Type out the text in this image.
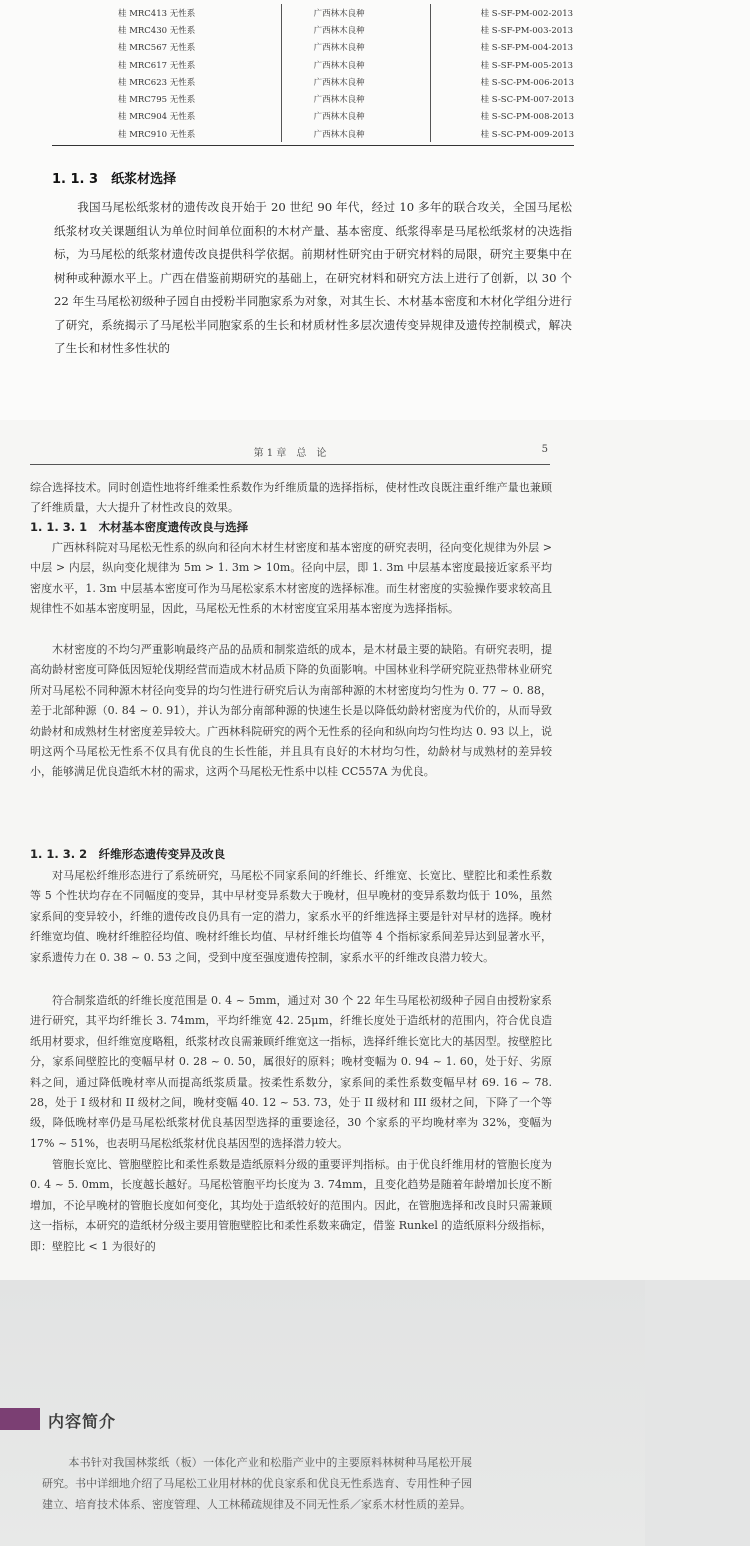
桂 MRC413 无性系	广西林木良种	桂 S-SF-PM-002-2013
桂 MRC430 无性系	广西林木良种	桂 S-SF-PM-003-2013
桂 MRC567 无性系	广西林木良种	桂 S-SF-PM-004-2013
桂 MRC617 无性系	广西林木良种	桂 S-SF-PM-005-2013
桂 MRC623 无性系	广西林木良种	桂 S-SC-PM-006-2013
桂 MRC795 无性系	广西林木良种	桂 S-SC-PM-007-2013
桂 MRC904 无性系	广西林木良种	桂 S-SC-PM-008-2013
桂 MRC910 无性系	广西林木良种	桂 S-SC-PM-009-2013
1. 1. 3　纸浆材选择

我国马尾松纸浆材的遗传改良开始于 20 世纪 90 年代，经过 10 多年的联合攻关，全国马尾松纸浆材攻关课题组认为单位时间单位面积的木材产量、基本密度、纸浆得率是马尾松纸浆材的决选指标，为马尾松的纸浆材遗传改良提供科学依据。前期材性研究由于研究材料的局限，研究主要集中在树种或种源水平上。广西在借鉴前期研究的基础上，在研究材料和研究方法上进行了创新，以 30 个 22 年生马尾松初级种子园自由授粉半同胞家系为对象，对其生长、木材基本密度和木材化学组分进行了研究，系统揭示了马尾松半同胞家系的生长和材质材性多层次遗传变异规律及遗传控制模式，解决了生长和材性多性状的

第 1 章　总　论	5

综合选择技术。同时创造性地将纤维柔性系数作为纤维质量的选择指标，使材性改良既注重纤维产量也兼顾了纤维质量，大大提升了材性改良的效果。

1. 1. 3. 1　木材基本密度遗传改良与选择

广西林科院对马尾松无性系的纵向和径向木材生材密度和基本密度的研究表明，径向变化规律为外层 > 中层 > 内层，纵向变化规律为 5m > 1. 3m > 10m。径向中层，即 1. 3m 中层基本密度最接近家系平均密度水平，1. 3m 中层基本密度可作为马尾松家系木材密度的选择标准。而生材密度的实验操作要求较高且规律性不如基本密度明显，因此，马尾松无性系的木材密度宜采用基本密度为选择指标。

木材密度的不均匀严重影响最终产品的品质和制浆造纸的成本，是木材最主要的缺陷。有研究表明，提高幼龄材密度可降低因短轮伐期经营而造成木材品质下降的负面影响。中国林业科学研究院亚热带林业研究所对马尾松不同种源木材径向变异的均匀性进行研究后认为南部种源的木材密度均匀性为 0. 77 ~ 0. 88，差于北部种源（0. 84 ~ 0. 91），并认为部分南部种源的快速生长是以降低幼龄材密度为代价的，从而导致幼龄材和成熟材生材密度差异较大。广西林科院研究的两个无性系的径向和纵向均匀性均达 0. 93 以上，说明这两个马尾松无性系不仅具有优良的生长性能，并且具有良好的木材均匀性，幼龄材与成熟材的差异较小，能够满足优良造纸木材的需求，这两个马尾松无性系中以桂 CC557A 为优良。

1. 1. 3. 2　纤维形态遗传变异及改良

对马尾松纤维形态进行了系统研究，马尾松不同家系间的纤维长、纤维宽、长宽比、壁腔比和柔性系数等 5 个性状均存在不同幅度的变异，其中早材变异系数大于晚材，但早晚材的变异系数均低于 10%，虽然家系间的变异较小，纤维的遗传改良仍具有一定的潜力，家系水平的纤维选择主要是针对早材的选择。晚材纤维宽均值、晚材纤维腔径均值、晚材纤维长均值、早材纤维长均值等 4 个指标家系间差异达到显著水平，家系遗传力在 0. 38 ~ 0. 53 之间，受到中度至强度遗传控制，家系水平的纤维改良潜力较大。

符合制浆造纸的纤维长度范围是 0. 4 ~ 5mm，通过对 30 个 22 年生马尾松初级种子园自由授粉家系进行研究，其平均纤维长 3. 74mm，平均纤维宽 42. 25μm，纤维长度处于造纸材的范围内，符合优良造纸用材要求，但纤维宽度略粗，纸浆材改良需兼顾纤维宽这一指标，选择纤维长宽比大的基因型。按壁腔比分，家系间壁腔比的变幅早材 0. 28 ~ 0. 50，属很好的原料；晚材变幅为 0. 94 ~ 1. 60，处于好、劣原料之间，通过降低晚材率从而提高纸浆质量。按柔性系数分，家系间的柔性系数变幅早材 69. 16 ~ 78. 28，处于 I 级材和 II 级材之间，晚材变幅 40. 12 ~ 53. 73，处于 II 级材和 III 级材之间，下降了一个等级，降低晚材率仍是马尾松纸浆材优良基因型选择的重要途径，30 个家系的平均晚材率为 32%，变幅为 17% ~ 51%，也表明马尾松纸浆材优良基因型的选择潜力较大。

管胞长宽比、管胞壁腔比和柔性系数是造纸原料分级的重要评判指标。由于优良纤维用材的管胞长度为 0. 4 ~ 5. 0mm，长度越长越好。马尾松管胞平均长度为 3. 74mm，且变化趋势是随着年龄增加长度不断增加，不论早晚材的管胞长度如何变化，其均处于造纸较好的范围内。因此，在管胞选择和改良时只需兼顾这一指标，本研究的造纸材分级主要用管胞壁腔比和柔性系数来确定，借鉴 Runkel 的造纸原料分级指标，即：壁腔比 < 1 为很好的

内容简介

本书针对我国林浆纸（板）一体化产业和松脂产业中的主要原料林树种马尾松开展研究。书中详细地介绍了马尾松工业用材林的优良家系和优良无性系选育、专用性种子园建立、培育技术体系、密度管理、人工林稀疏规律及不同无性系／家系木材性质的差异。
